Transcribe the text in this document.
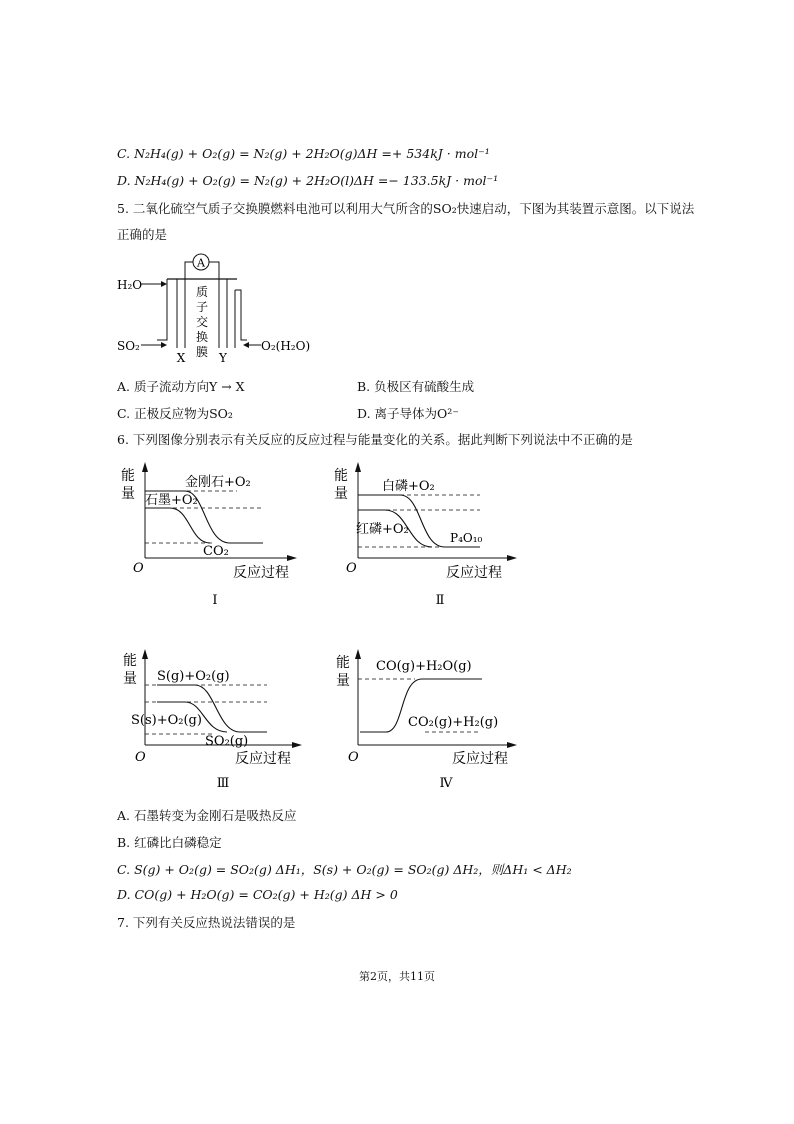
C. N₂H₄(g) + O₂(g) = N₂(g) + 2H₂O(g)ΔH =+ 534kJ · mol⁻¹
D. N₂H₄(g) + O₂(g) = N₂(g) + 2H₂O(l)ΔH =− 133.5kJ · mol⁻¹
5. 二氧化硫空气质子交换膜燃料电池可以利用大气所含的SO₂快速启动，下图为其装置示意图。以下说法
正确的是
A
H₂O
SO₂	O₂(H₂O)
X	Y
质
子
交
换
膜
A. 质子流动方向Y → X	B. 负极区有硫酸生成
C. 正极反应物为SO₂	D. 离子导体为O²⁻
6. 下列图像分别表示有关反应的反应过程与能量变化的关系。据此判断下列说法中不正确的是
能
量
金刚石+O₂
石墨+O₂
CO₂
O	反应过程
Ⅰ
能
量	白磷+O₂
红磷+O₂
P₄O₁₀
O	反应过程
Ⅱ
能
量 S(g)+O₂(g)
S(s)+O₂(g)
SO₂(g)
O	反应过程
Ⅲ
能
量
CO(g)+H₂O(g)
CO₂(g)+H₂(g)
O	反应过程
Ⅳ
A. 石墨转变为金刚石是吸热反应
B. 红磷比白磷稳定
C. S(g) + O₂(g) = SO₂(g) ΔH₁，S(s) + O₂(g) = SO₂(g) ΔH₂，则ΔH₁ < ΔH₂
D. CO(g) + H₂O(g) = CO₂(g) + H₂(g) ΔH > 0
7. 下列有关反应热说法错误的是
第2页，共11页
